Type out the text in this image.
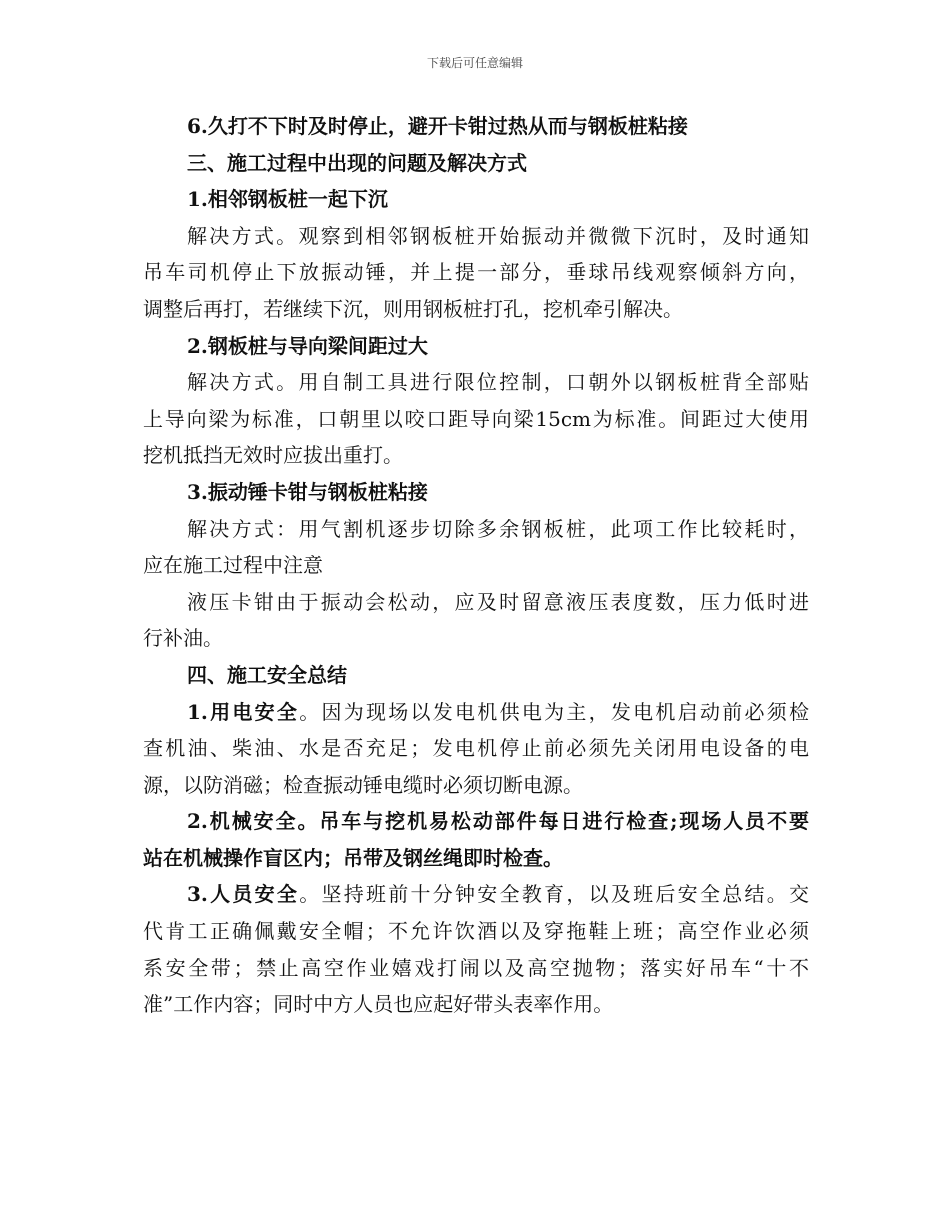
下载后可任意编辑
6.久打不下时及时停止，避开卡钳过热从而与钢板桩粘接
三、施工过程中出现的问题及解决方式
1.相邻钢板桩一起下沉
解决方式。观察到相邻钢板桩开始振动并微微下沉时，及时通知
吊车司机停止下放振动锤，并上提一部分，垂球吊线观察倾斜方向，
调整后再打，若继续下沉，则用钢板桩打孔，挖机牵引解决。
2.钢板桩与导向梁间距过大
解决方式。用自制工具进行限位控制，口朝外以钢板桩背全部贴
上导向梁为标准，口朝里以咬口距导向梁15cm为标准。间距过大使用
挖机抵挡无效时应拔出重打。
3.振动锤卡钳与钢板桩粘接
解决方式：用气割机逐步切除多余钢板桩，此项工作比较耗时，
应在施工过程中注意
液压卡钳由于振动会松动，应及时留意液压表度数，压力低时进
行补油。
四、施工安全总结
1.用电安全。因为现场以发电机供电为主，发电机启动前必须检
查机油、柴油、水是否充足；发电机停止前必须先关闭用电设备的电
源，以防消磁；检查振动锤电缆时必须切断电源。
2.机械安全。吊车与挖机易松动部件每日进行检查;现场人员不要
站在机械操作盲区内；吊带及钢丝绳即时检查。
3.人员安全。坚持班前十分钟安全教育，以及班后安全总结。交
代肯工正确佩戴安全帽；不允许饮酒以及穿拖鞋上班；高空作业必须
系安全带；禁止高空作业嬉戏打闹以及高空抛物；落实好吊车“十不
准”工作内容；同时中方人员也应起好带头表率作用。
